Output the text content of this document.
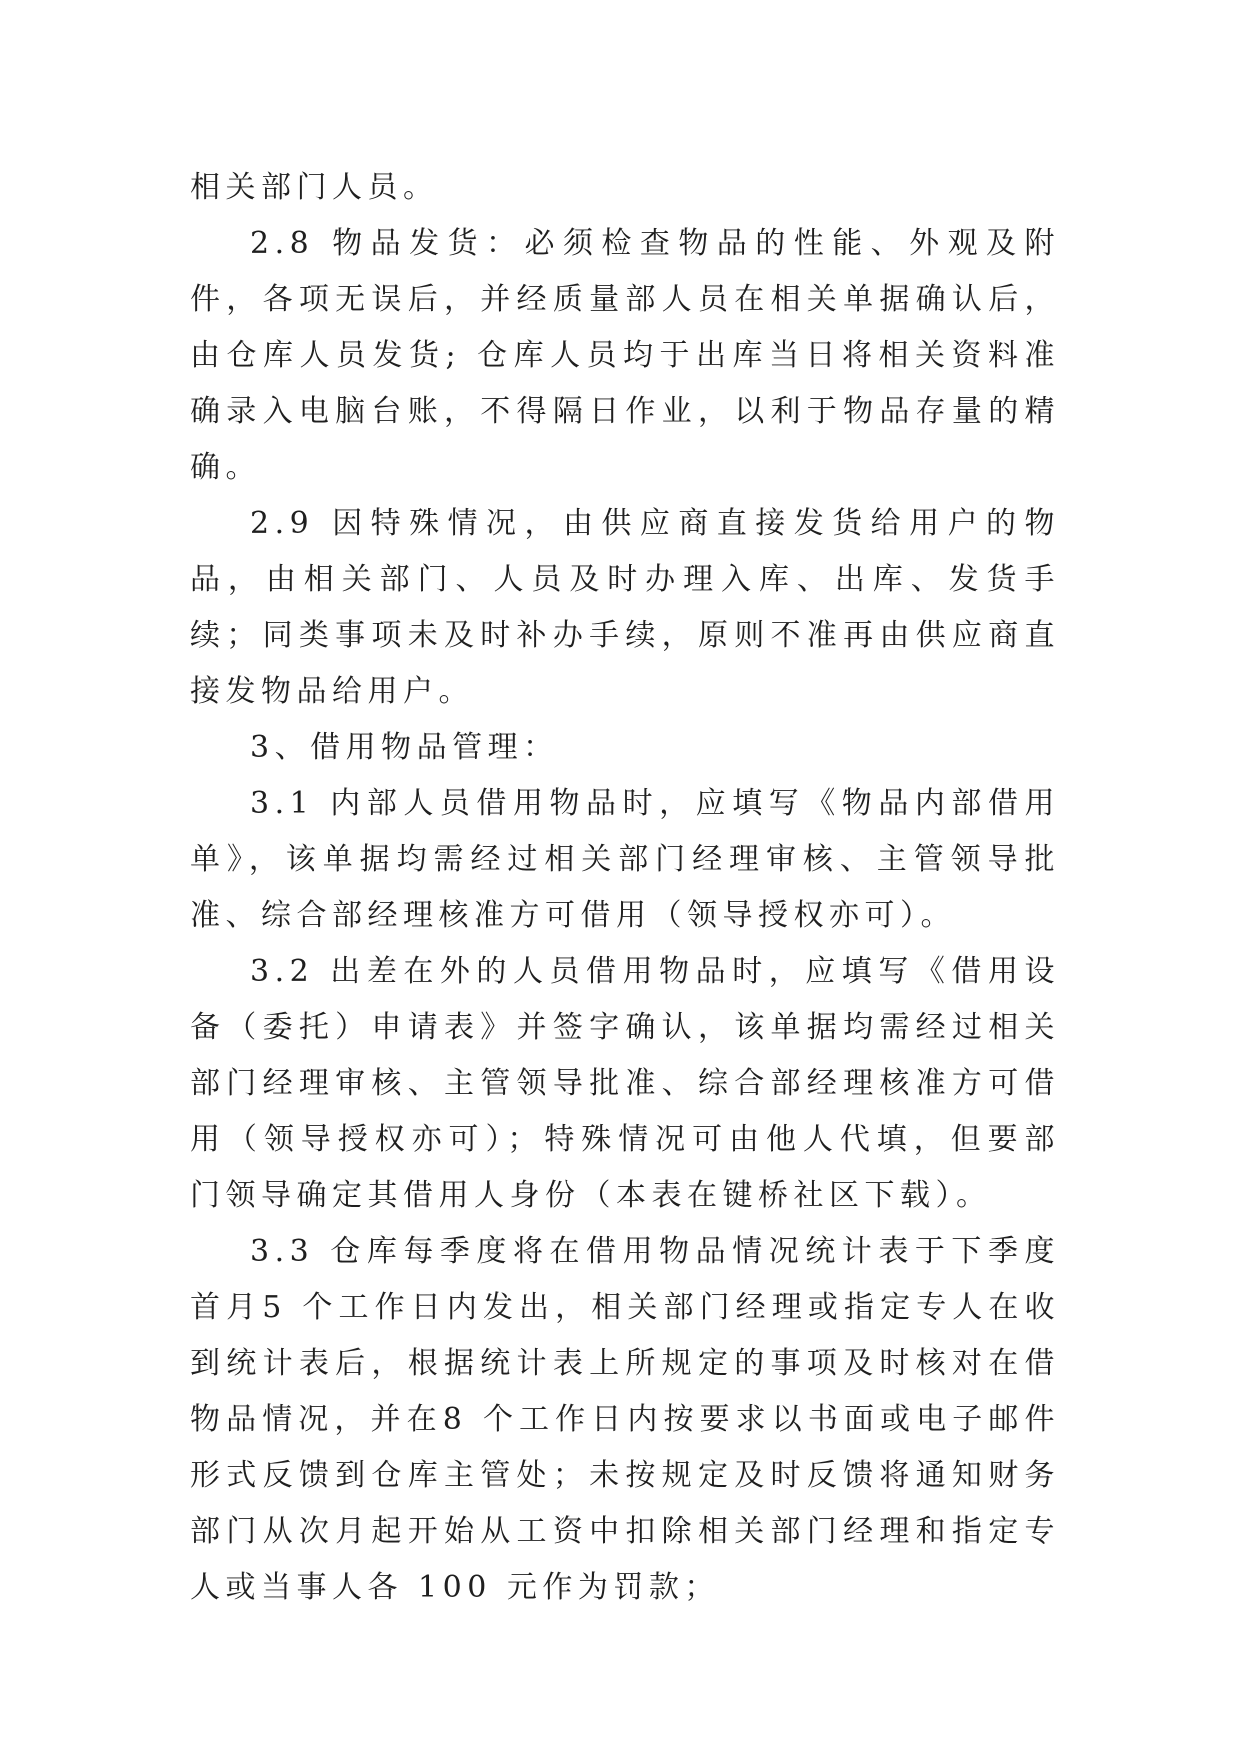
相关部门人员。

2.8 物品发货：必须检查物品的性能、外观及附件，各项无误后，并经质量部人员在相关单据确认后，由仓库人员发货; 仓库人员均于出库当日将相关资料准确录入电脑台账，不得隔日作业，以利于物品存量的精确。

2.9 因特殊情况，由供应商直接发货给用户的物品，由相关部门、人员及时办理入库、出库、发货手续；同类事项未及时补办手续，原则不准再由供应商直接发物品给用户。

3、借用物品管理：

3.1 内部人员借用物品时，应填写《物品内部借用单》，该单据均需经过相关部门经理审核、主管领导批准、综合部经理核准方可借用（领导授权亦可）。

3.2 出差在外的人员借用物品时，应填写《借用设备（委托）申请表》并签字确认，该单据均需经过相关部门经理审核、主管领导批准、综合部经理核准方可借用（领导授权亦可）；特殊情况可由他人代填，但要部门领导确定其借用人身份（本表在键桥社区下载）。

3.3 仓库每季度将在借用物品情况统计表于下季度首月5 个工作日内发出，相关部门经理或指定专人在收到统计表后，根据统计表上所规定的事项及时核对在借物品情况，并在8 个工作日内按要求以书面或电子邮件形式反馈到仓库主管处；未按规定及时反馈将通知财务部门从次月起开始从工资中扣除相关部门经理和指定专人或当事人各 100 元作为罚款；
